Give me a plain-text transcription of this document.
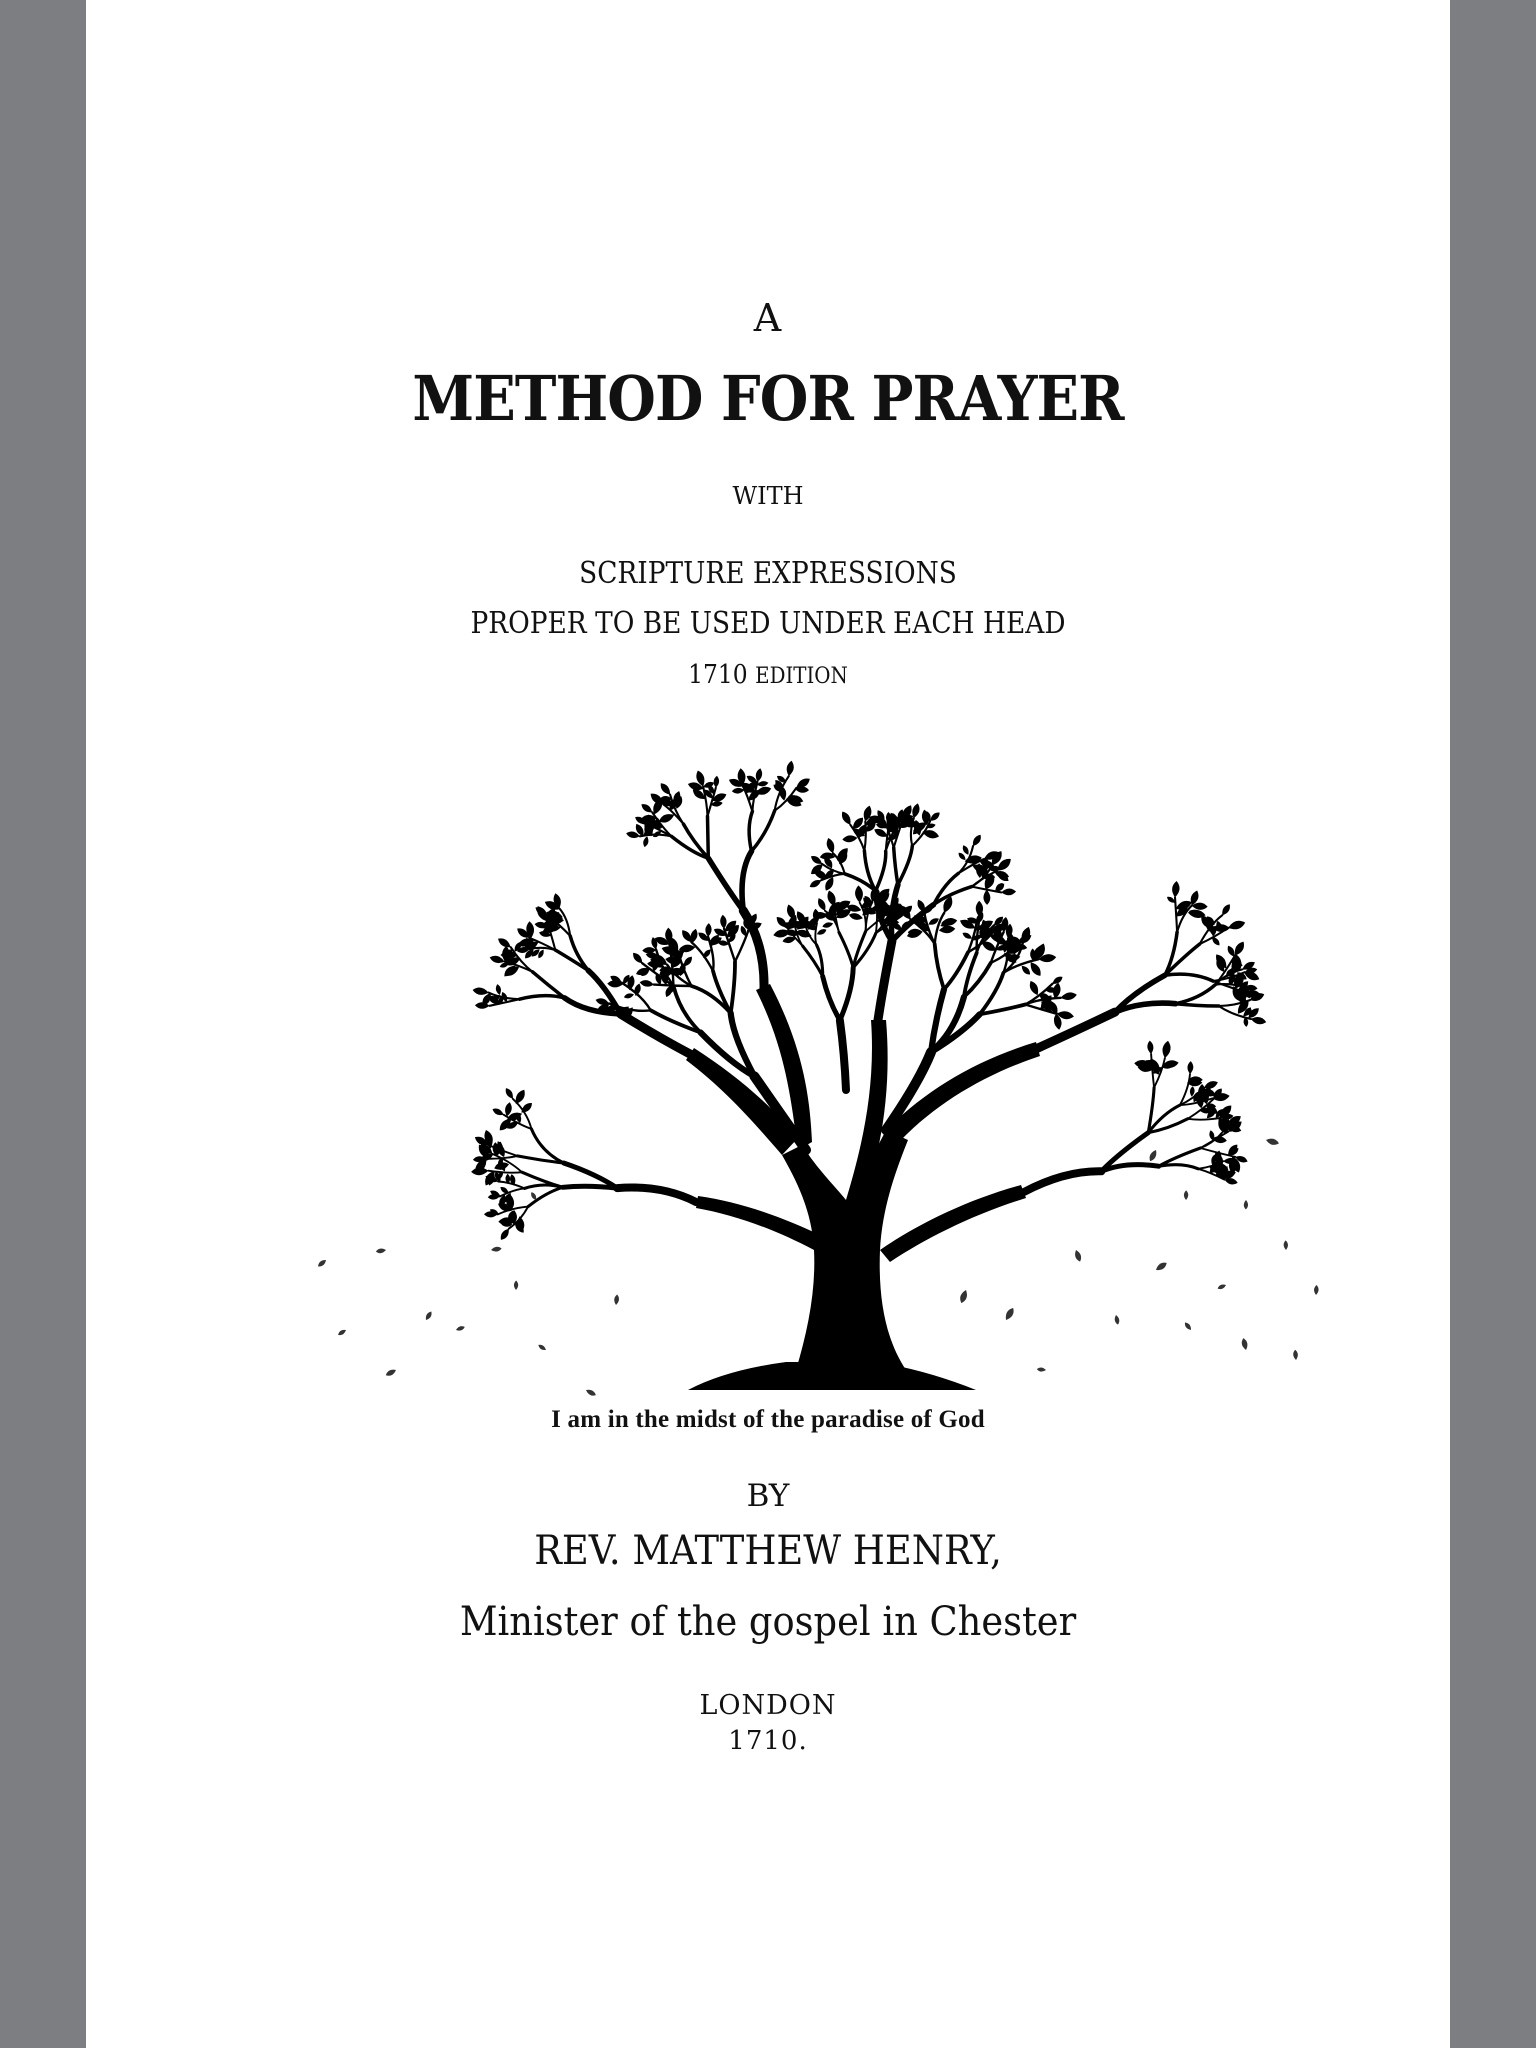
A

METHOD FOR PRAYER

WITH

SCRIPTURE EXPRESSIONS

PROPER TO BE USED UNDER EACH HEAD

1710 EDITION

I am in the midst of the paradise of God

BY

REV. MATTHEW HENRY,

Minister of the gospel in Chester

LONDON

1710.
